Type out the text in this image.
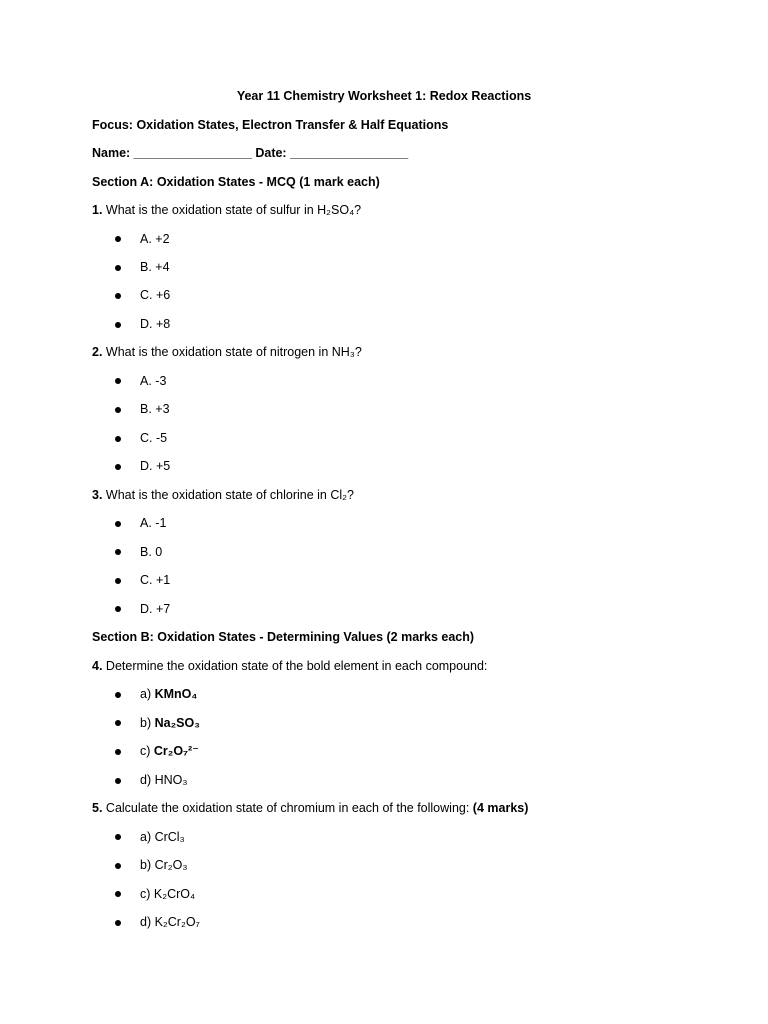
Year 11 Chemistry Worksheet 1: Redox Reactions
Focus: Oxidation States, Electron Transfer & Half Equations
Name: _________________ Date: _________________
Section A: Oxidation States - MCQ (1 mark each)
1. What is the oxidation state of sulfur in H₂SO₄?
A. +2
B. +4
C. +6
D. +8
2. What is the oxidation state of nitrogen in NH₃?
A. -3
B. +3
C. -5
D. +5
3. What is the oxidation state of chlorine in Cl₂?
A. -1
B. 0
C. +1
D. +7
Section B: Oxidation States - Determining Values (2 marks each)
4. Determine the oxidation state of the bold element in each compound:
a) KMnO₄
b) Na₂SO₃
c) Cr₂O₇²⁻
d) HNO₃
5. Calculate the oxidation state of chromium in each of the following: (4 marks)
a) CrCl₃
b) Cr₂O₃
c) K₂CrO₄
d) K₂Cr₂O₇
